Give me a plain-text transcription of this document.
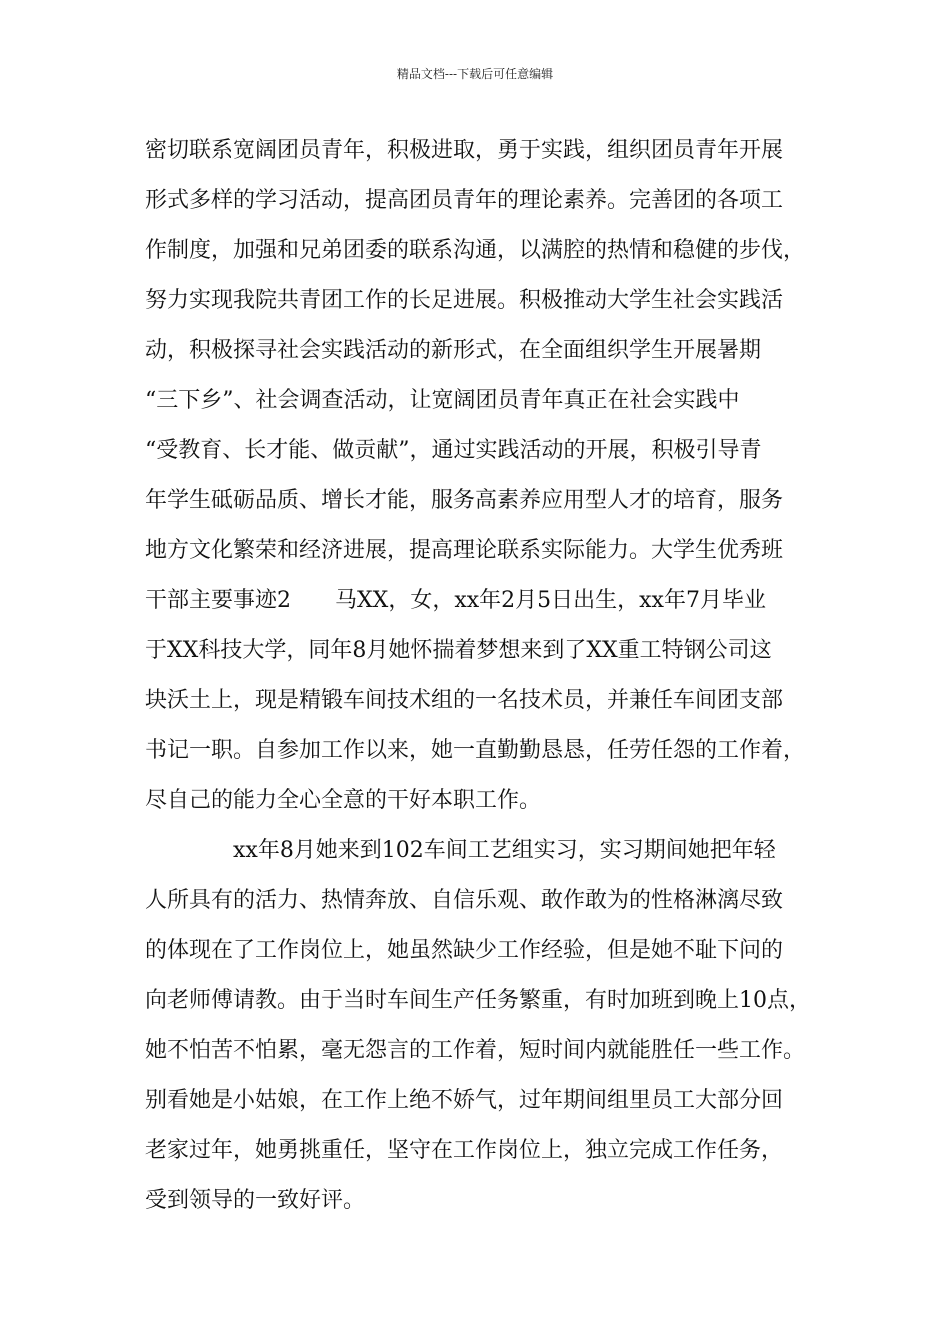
精品文档---下载后可任意编辑
密切联系宽阔团员青年，积极进取，勇于实践，组织团员青年开展
形式多样的学习活动，提高团员青年的理论素养。完善团的各项工
作制度，加强和兄弟团委的联系沟通，以满腔的热情和稳健的步伐，
努力实现我院共青团工作的长足进展。积极推动大学生社会实践活
动，积极探寻社会实践活动的新形式，在全面组织学生开展暑期
“三下乡”、社会调查活动，让宽阔团员青年真正在社会实践中
“受教育、长才能、做贡献”，通过实践活动的开展，积极引导青
年学生砥砺品质、增长才能，服务高素养应用型人才的培育，服务
地方文化繁荣和经济进展，提高理论联系实际能力。大学生优秀班
干部主要事迹2　　马XX，女，xx年2月5日出生，xx年7月毕业
于XX科技大学，同年8月她怀揣着梦想来到了XX重工特钢公司这
块沃土上，现是精锻车间技术组的一名技术员，并兼任车间团支部
书记一职。自参加工作以来，她一直勤勤恳恳，任劳任怨的工作着，
尽自己的能力全心全意的干好本职工作。
　　　　xx年8月她来到102车间工艺组实习，实习期间她把年轻
人所具有的活力、热情奔放、自信乐观、敢作敢为的性格淋漓尽致
的体现在了工作岗位上，她虽然缺少工作经验，但是她不耻下问的
向老师傅请教。由于当时车间生产任务繁重，有时加班到晚上10点，
她不怕苦不怕累，毫无怨言的工作着，短时间内就能胜任一些工作。
别看她是小姑娘，在工作上绝不娇气，过年期间组里员工大部分回
老家过年，她勇挑重任，坚守在工作岗位上，独立完成工作任务，
受到领导的一致好评。
